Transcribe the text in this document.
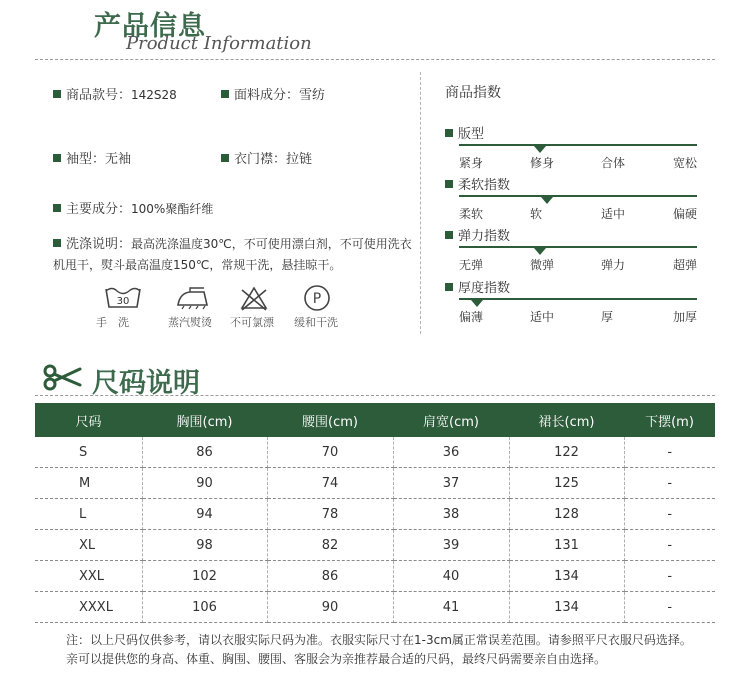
产品信息
Product Information
商品款号：142S28	面料成分：雪纺
袖型：无袖	衣门襟：拉链
主要成分：100%聚酯纤维
洗涤说明：最高洗涤温度30℃，不可使用漂白剂，不可使用洗衣机甩干，熨斗最高温度150℃，常规干洗，悬挂晾干。
30	P
手　洗	蒸汽熨烫 不可氯漂 缓和干洗
商品指数
版型
紧身	修身	合体	宽松
柔软指数
柔软	软	适中	偏硬
弹力指数
无弹	微弹	弹力	超弹
厚度指数
偏薄	适中	厚	加厚
尺码说明
尺码	胸围(cm)	腰围(cm)	肩宽(cm)	裙长(cm)	下摆(m)
S	86	70	36	122	-
M	90	74	37	125	-
L	94	78	38	128	-
XL	98	82	39	131	-
XXL	102	86	40	134	-
XXXL	106	90	41	134	-
注：以上尺码仅供参考，请以衣服实际尺码为准。衣服实际尺寸在1-3cm属正常误差范围。请参照平尺衣服尺码选择。亲可以提供您的身高、体重、胸围、腰围、客服会为亲推荐最合适的尺码，最终尺码需要亲自由选择。
